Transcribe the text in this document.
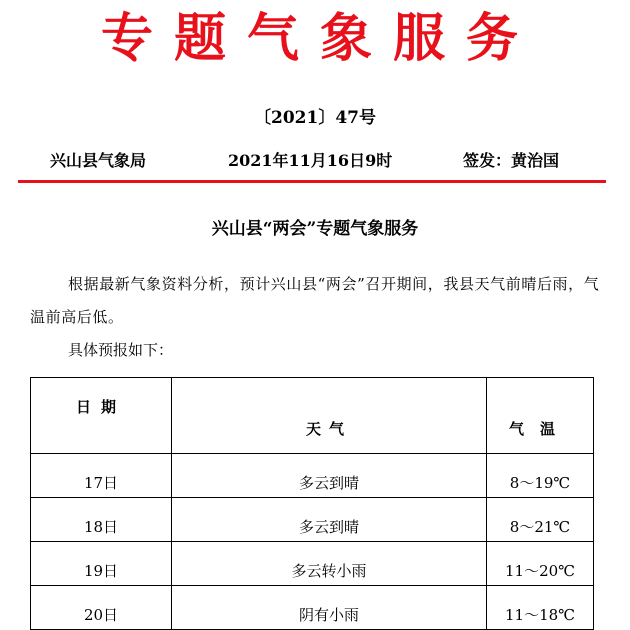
专题气象服务
〔2021〕47号
兴山县气象局	2021年11月16日9时	签发：黄治国
兴山县“两会”专题气象服务
根据最新气象资料分析，预计兴山县“两会”召开期间，我县天气前晴后雨，气温前高后低。
具体预报如下：
日期	天气	气温
17日	多云到晴	8～19℃
18日	多云到晴	8～21℃
19日	多云转小雨	11～20℃
20日	阴有小雨	11～18℃
